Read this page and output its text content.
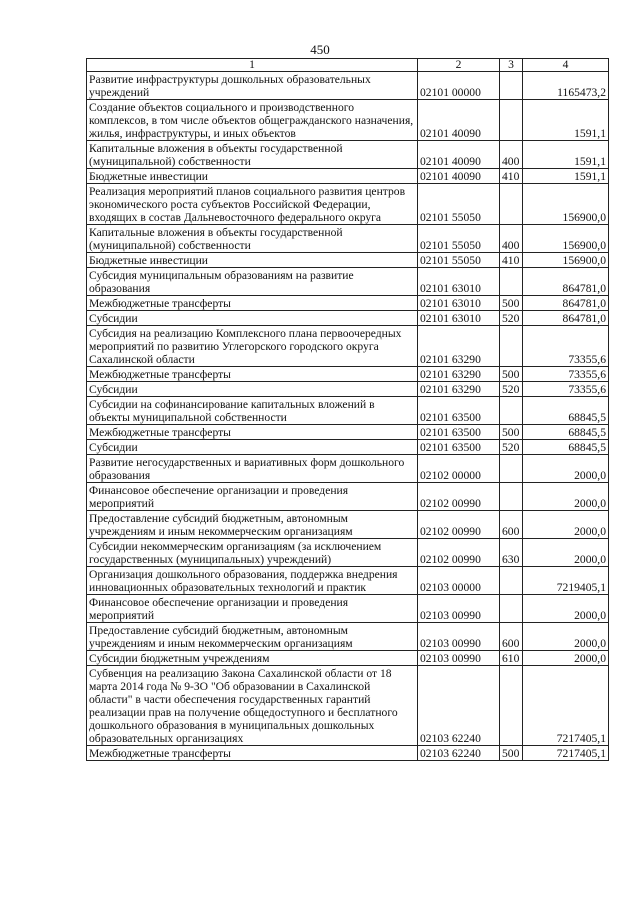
450
1	2	3	4
Развитие инфраструктуры дошкольных образовательных учреждений	02101 00000		1165473,2
Создание объектов социального и производственного комплексов, в том числе объектов общегражданского назначения, жилья, инфраструктуры, и иных объектов	02101 40090		1591,1
Капитальные вложения в объекты государственной (муниципальной) собственности	02101 40090	400	1591,1
Бюджетные инвестиции	02101 40090	410	1591,1
Реализация мероприятий планов социального развития центров экономического роста субъектов Российской Федерации, входящих в состав Дальневосточного федерального округа	02101 55050		156900,0
Капитальные вложения в объекты государственной (муниципальной) собственности	02101 55050	400	156900,0
Бюджетные инвестиции	02101 55050	410	156900,0
Субсидия муниципальным образованиям на развитие образования	02101 63010		864781,0
Межбюджетные трансферты	02101 63010	500	864781,0
Субсидии	02101 63010	520	864781,0
Субсидия на реализацию Комплексного плана первоочередных мероприятий по развитию Углегорского городского округа Сахалинской области	02101 63290		73355,6
Межбюджетные трансферты	02101 63290	500	73355,6
Субсидии	02101 63290	520	73355,6
Субсидии на софинансирование капитальных вложений в объекты муниципальной собственности	02101 63500		68845,5
Межбюджетные трансферты	02101 63500	500	68845,5
Субсидии	02101 63500	520	68845,5
Развитие негосударственных и вариативных форм дошкольного образования	02102 00000		2000,0
Финансовое обеспечение организации и проведения мероприятий	02102 00990		2000,0
Предоставление субсидий бюджетным, автономным учреждениям и иным некоммерческим организациям	02102 00990	600	2000,0
Субсидии некоммерческим организациям (за исключением государственных (муниципальных) учреждений)	02102 00990	630	2000,0
Организация дошкольного образования, поддержка внедрения инновационных образовательных технологий и практик	02103 00000		7219405,1
Финансовое обеспечение организации и проведения мероприятий	02103 00990		2000,0
Предоставление субсидий бюджетным, автономным учреждениям и иным некоммерческим организациям	02103 00990	600	2000,0
Субсидии бюджетным учреждениям	02103 00990	610	2000,0
Субвенция на реализацию Закона Сахалинской области от 18 марта 2014 года № 9-ЗО "Об образовании в Сахалинской области" в части обеспечения государственных гарантий реализации прав на получение общедоступного и бесплатного дошкольного образования в муниципальных дошкольных образовательных организациях	02103 62240		7217405,1
Межбюджетные трансферты	02103 62240	500	7217405,1
